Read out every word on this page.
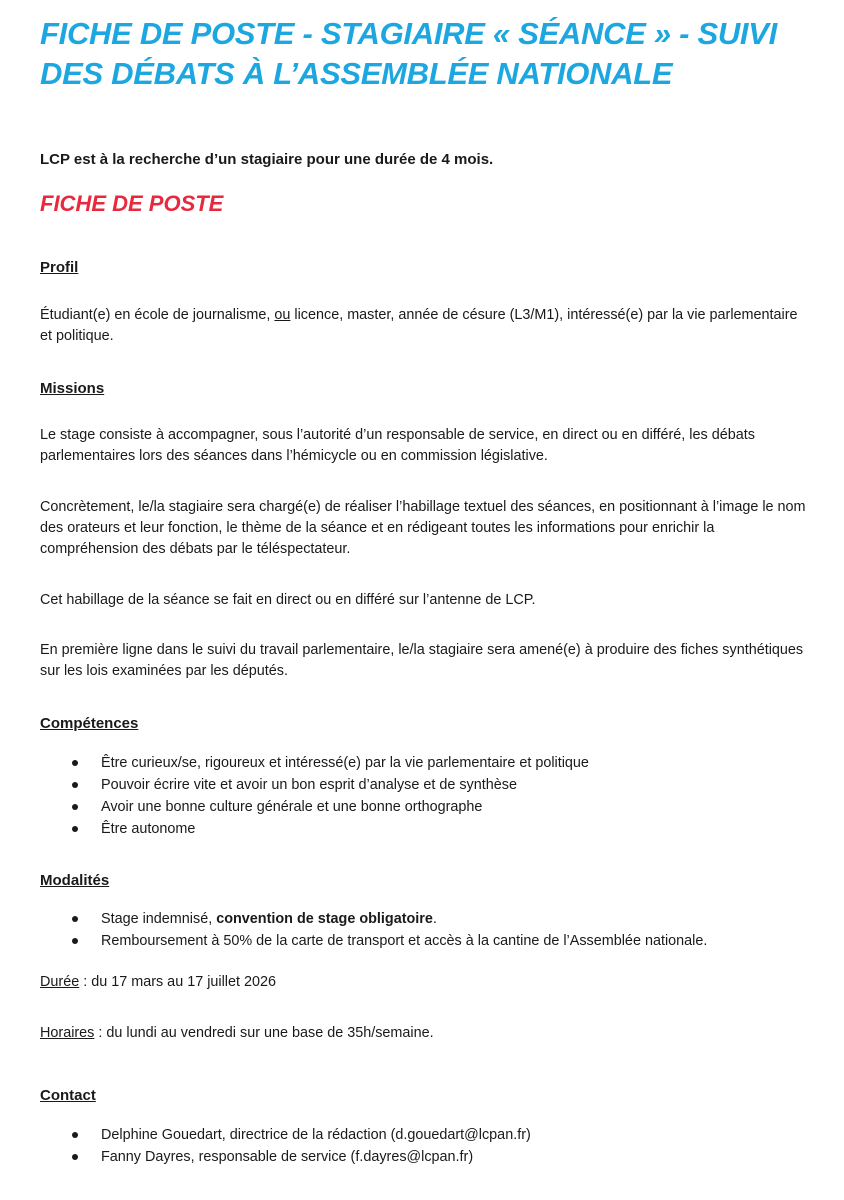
FICHE DE POSTE - STAGIAIRE « SÉANCE » - SUIVI DES DÉBATS À L’ASSEMBLÉE NATIONALE
LCP est à la recherche d’un stagiaire pour une durée de 4 mois.
FICHE DE POSTE
Profil

Étudiant(e) en école de journalisme, ou licence, master, année de césure (L3/M1), intéressé(e) par la vie parlementaire et politique.

Missions

Le stage consiste à accompagner, sous l’autorité d’un responsable de service, en direct ou en différé, les débats parlementaires lors des séances dans l’hémicycle ou en commission législative.

Concrètement, le/la stagiaire sera chargé(e) de réaliser l’habillage textuel des séances, en positionnant à l’image le nom des orateurs et leur fonction, le thème de la séance et en rédigeant toutes les informations pour enrichir la compréhension des débats par le téléspectateur.

Cet habillage de la séance se fait en direct ou en différé sur l’antenne de LCP.

En première ligne dans le suivi du travail parlementaire, le/la stagiaire sera amené(e) à produire des fiches synthétiques sur les lois examinées par les députés.

Compétences
Être curieux/se, rigoureux et intéressé(e) par la vie parlementaire et politique
Pouvoir écrire vite et avoir un bon esprit d’analyse et de synthèse
Avoir une bonne culture générale et une bonne orthographe
Être autonome
Modalités
Stage indemnisé, convention de stage obligatoire.
Remboursement à 50% de la carte de transport et accès à la cantine de l’Assemblée nationale.

Durée : du 17 mars au 17 juillet 2026

Horaires : du lundi au vendredi sur une base de 35h/semaine.

Contact
Delphine Gouedart, directrice de la rédaction (d.gouedart@lcpan.fr)
Fanny Dayres, responsable de service (f.dayres@lcpan.fr)
